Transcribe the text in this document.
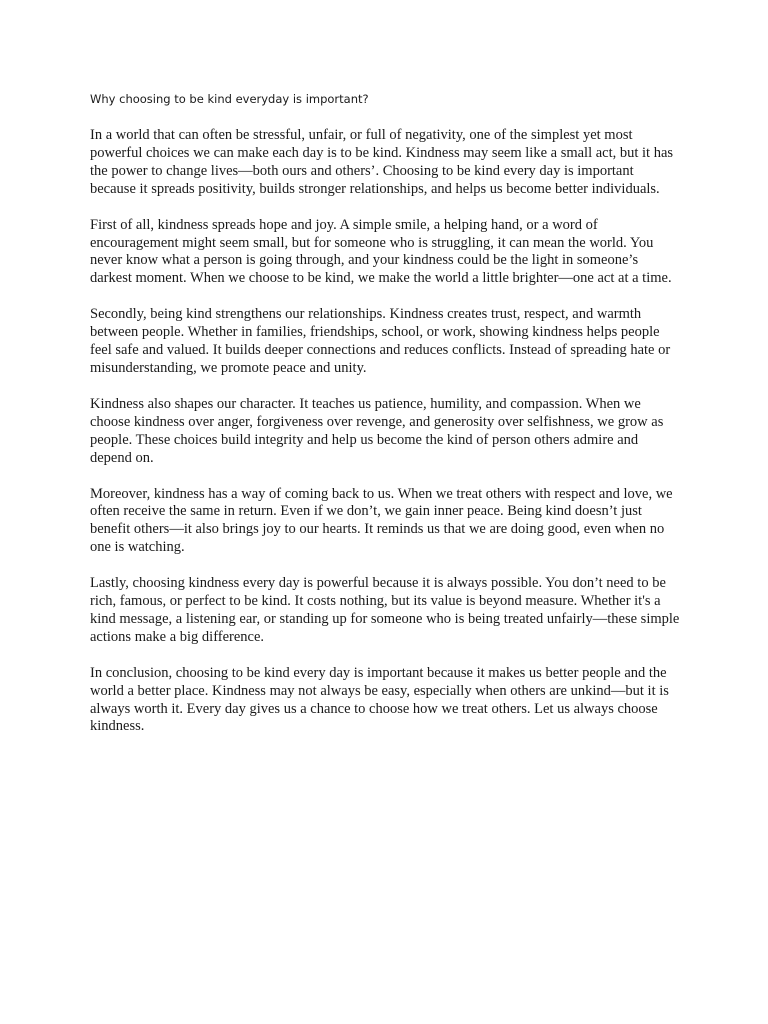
Why choosing to be kind everyday is important?

In a world that can often be stressful, unfair, or full of negativity, one of the simplest yet most powerful choices we can make each day is to be kind. Kindness may seem like a small act, but it has the power to change lives—both ours and others’. Choosing to be kind every day is important because it spreads positivity, builds stronger relationships, and helps us become better individuals.

First of all, kindness spreads hope and joy. A simple smile, a helping hand, or a word of encouragement might seem small, but for someone who is struggling, it can mean the world. You never know what a person is going through, and your kindness could be the light in someone’s darkest moment. When we choose to be kind, we make the world a little brighter—one act at a time.

Secondly, being kind strengthens our relationships. Kindness creates trust, respect, and warmth between people. Whether in families, friendships, school, or work, showing kindness helps people feel safe and valued. It builds deeper connections and reduces conflicts. Instead of spreading hate or misunderstanding, we promote peace and unity.

Kindness also shapes our character. It teaches us patience, humility, and compassion. When we choose kindness over anger, forgiveness over revenge, and generosity over selfishness, we grow as people. These choices build integrity and help us become the kind of person others admire and depend on.

Moreover, kindness has a way of coming back to us. When we treat others with respect and love, we often receive the same in return. Even if we don’t, we gain inner peace. Being kind doesn’t just benefit others—it also brings joy to our hearts. It reminds us that we are doing good, even when no one is watching.

Lastly, choosing kindness every day is powerful because it is always possible. You don’t need to be rich, famous, or perfect to be kind. It costs nothing, but its value is beyond measure. Whether it's a kind message, a listening ear, or standing up for someone who is being treated unfairly—these simple actions make a big difference.

In conclusion, choosing to be kind every day is important because it makes us better people and the world a better place. Kindness may not always be easy, especially when others are unkind—but it is always worth it. Every day gives us a chance to choose how we treat others. Let us always choose kindness.
